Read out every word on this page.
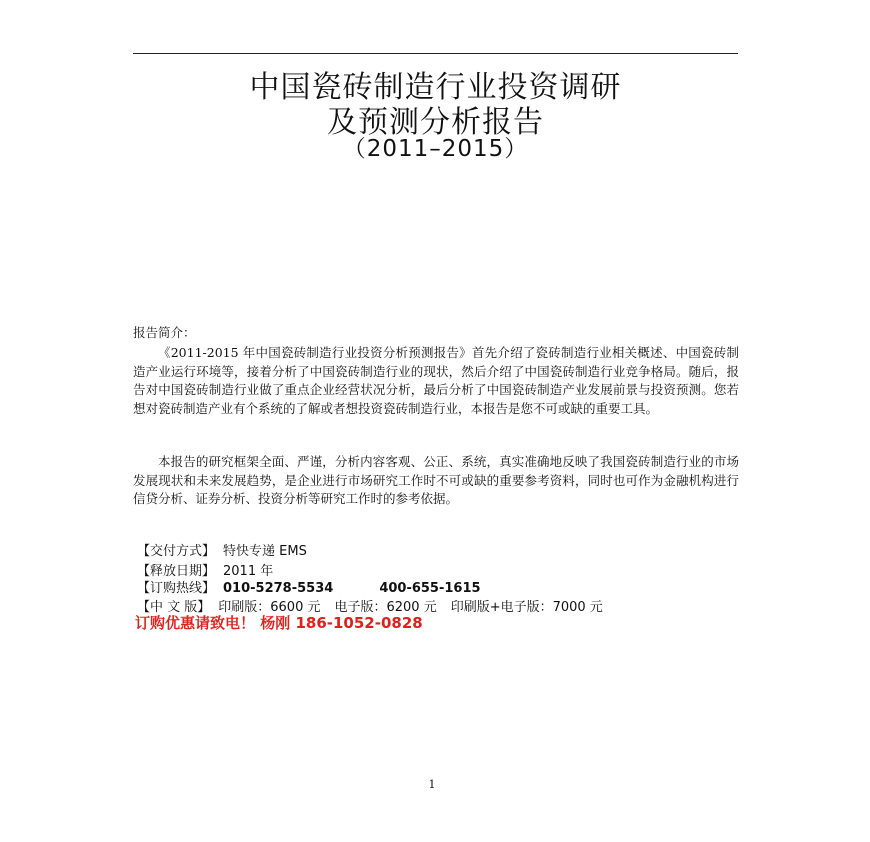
中国瓷砖制造行业投资调研
及预测分析报告
（2011–2015）
报告简介：
《2011-2015 年中国瓷砖制造行业投资分析预测报告》首先介绍了瓷砖制造行业相关概述、中国瓷砖制造产业运行环境等，接着分析了中国瓷砖制造行业的现状，然后介绍了中国瓷砖制造行业竞争格局。随后，报告对中国瓷砖制造行业做了重点企业经营状况分析，最后分析了中国瓷砖制造产业发展前景与投资预测。您若想对瓷砖制造产业有个系统的了解或者想投资瓷砖制造行业，本报告是您不可或缺的重要工具。
本报告的研究框架全面、严谨，分析内容客观、公正、系统，真实准确地反映了我国瓷砖制造行业的市场发展现状和未来发展趋势，是企业进行市场研究工作时不可或缺的重要参考资料，同时也可作为金融机构进行信贷分析、证券分析、投资分析等研究工作时的参考依据。
【交付方式】 特快专递 EMS
【释放日期】 2011 年
【订购热线】 010-5278-5534	400-655-1615
【中 文 版】 印刷版：6600 元 电子版：6200 元 印刷版+电子版：7000 元
订购优惠请致电！ 杨刚 186-1052-0828
1
